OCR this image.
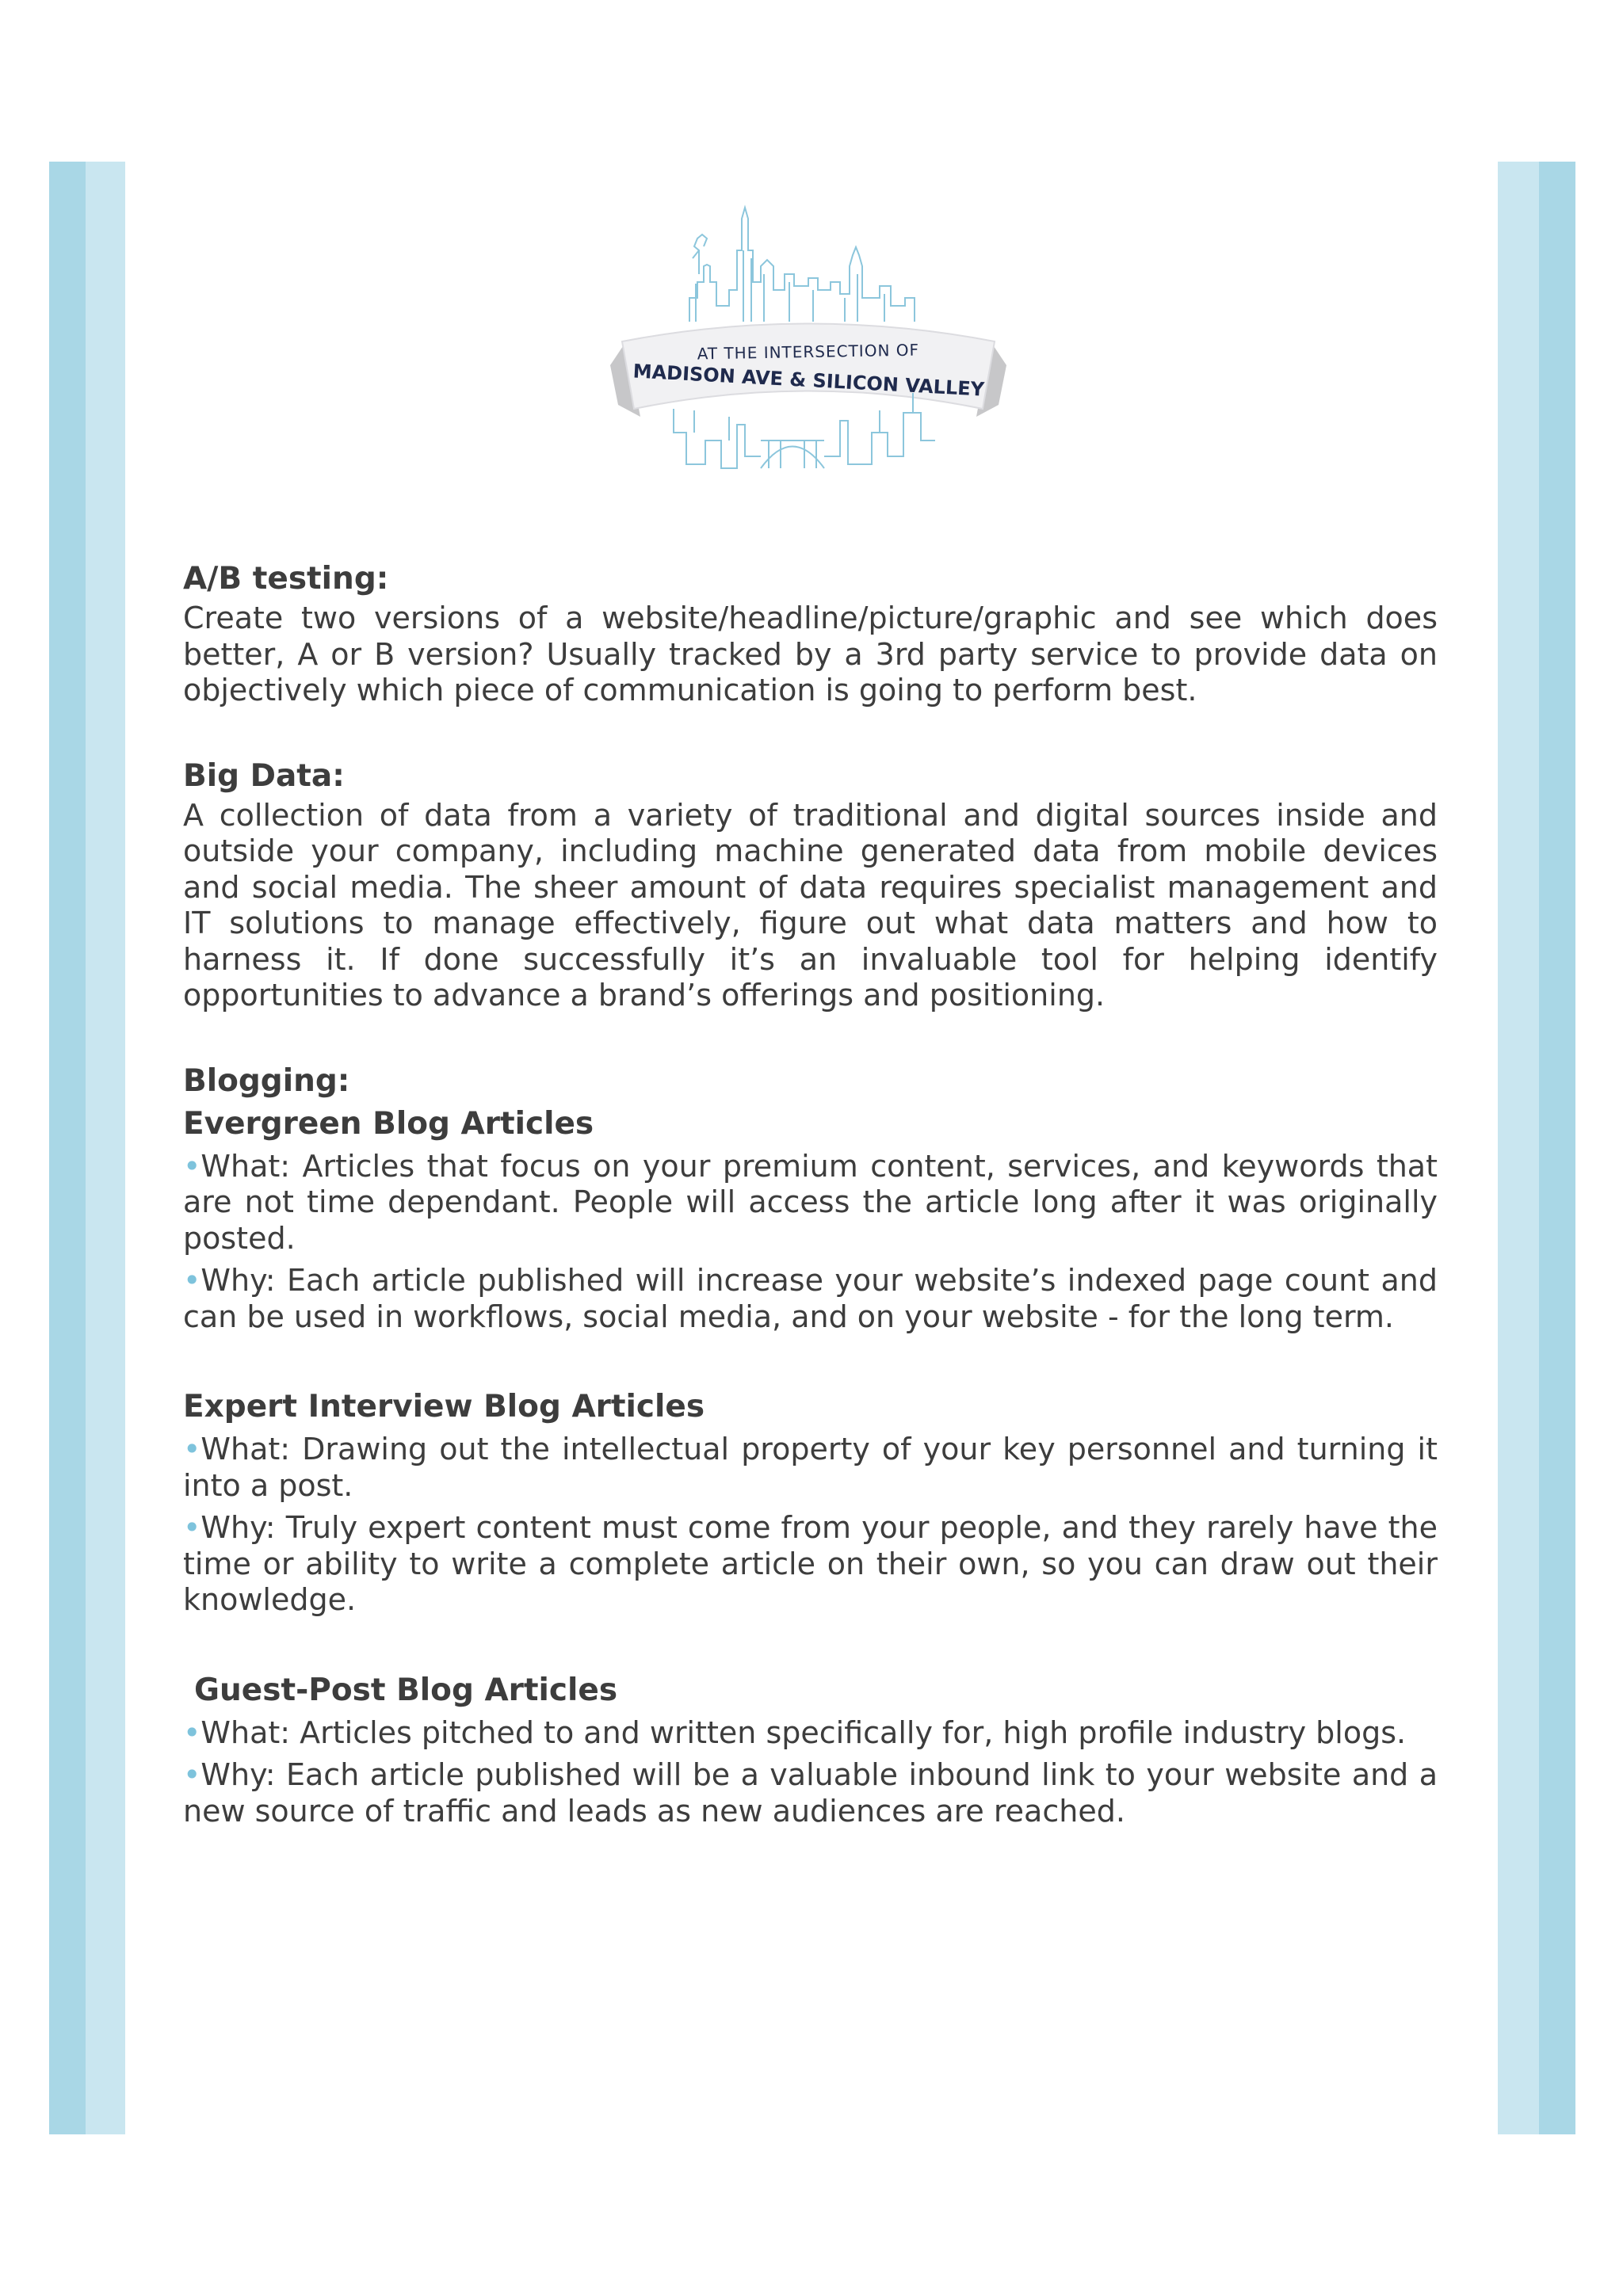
AT THE INTERSECTION OF
MADISON AVE & SILICON VALLEY

A/B testing:

Create two versions of a website/headline/picture/graphic and see which does better, A or B version? Usually tracked by a 3rd party service to provide data on objectively which piece of communication is going to perform best.

Big Data:

A collection of data from a variety of traditional and digital sources inside and outside your company, including machine generated data from mobile devices and social media. The sheer amount of data requires specialist management and IT solutions to manage effectively, figure out what data matters and how to harness it. If done successfully it’s an invaluable tool for helping identify opportunities to advance a brand’s offerings and positioning.

Blogging:

Evergreen Blog Articles

•What: Articles that focus on your premium content, services, and keywords that are not time dependant. People will access the article long after it was originally posted.

•Why: Each article published will increase your website’s indexed page count and can be used in workflows, social media, and on your website - for the long term.

Expert Interview Blog Articles

•What: Drawing out the intellectual property of your key personnel and turning it into a post.

•Why: Truly expert content must come from your people, and they rarely have the time or ability to write a complete article on their own, so you can draw out their knowledge.

Guest-Post Blog Articles

•What: Articles pitched to and written specifically for, high profile industry blogs.

•Why: Each article published will be a valuable inbound link to your website and a new source of traffic and leads as new audiences are reached.
